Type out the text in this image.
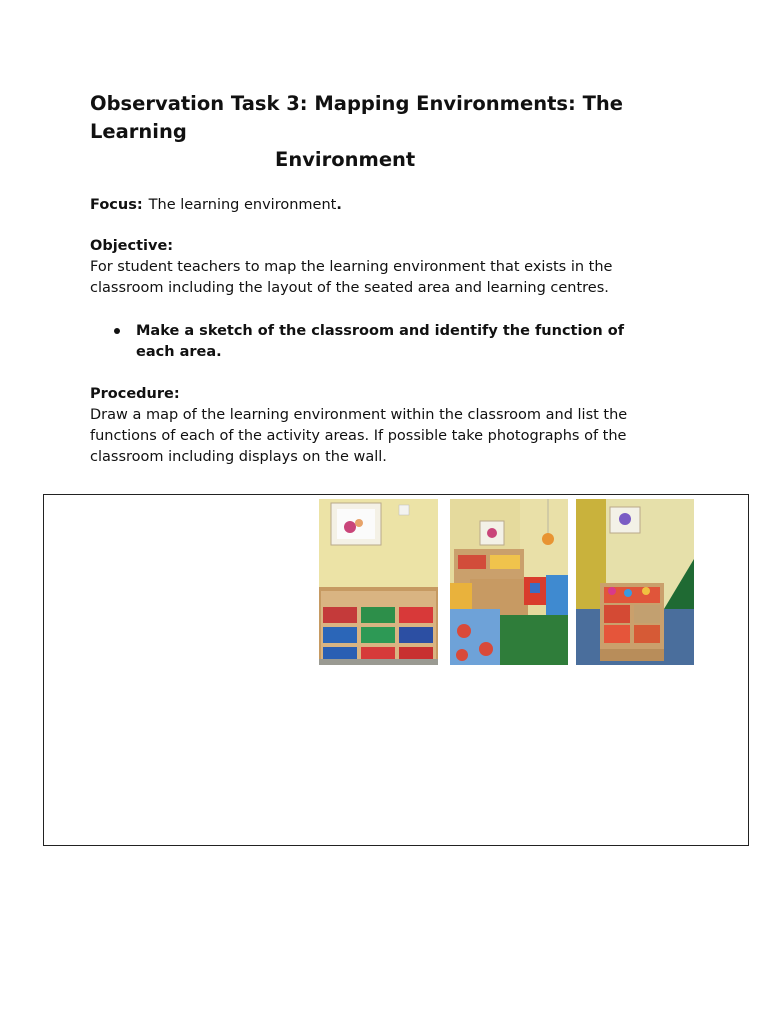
Observation Task 3: Mapping Environments: The Learning
Environment
Focus: The learning environment.
Objective:
For student teachers to map the learning environment that exists in the classroom including the layout of the seated area and learning centres.
Make a sketch of the classroom and identify the function of each area.
Procedure:
Draw a map of the learning environment within the classroom and list the functions of each of the activity areas. If possible take photographs of the classroom including displays on the wall.
